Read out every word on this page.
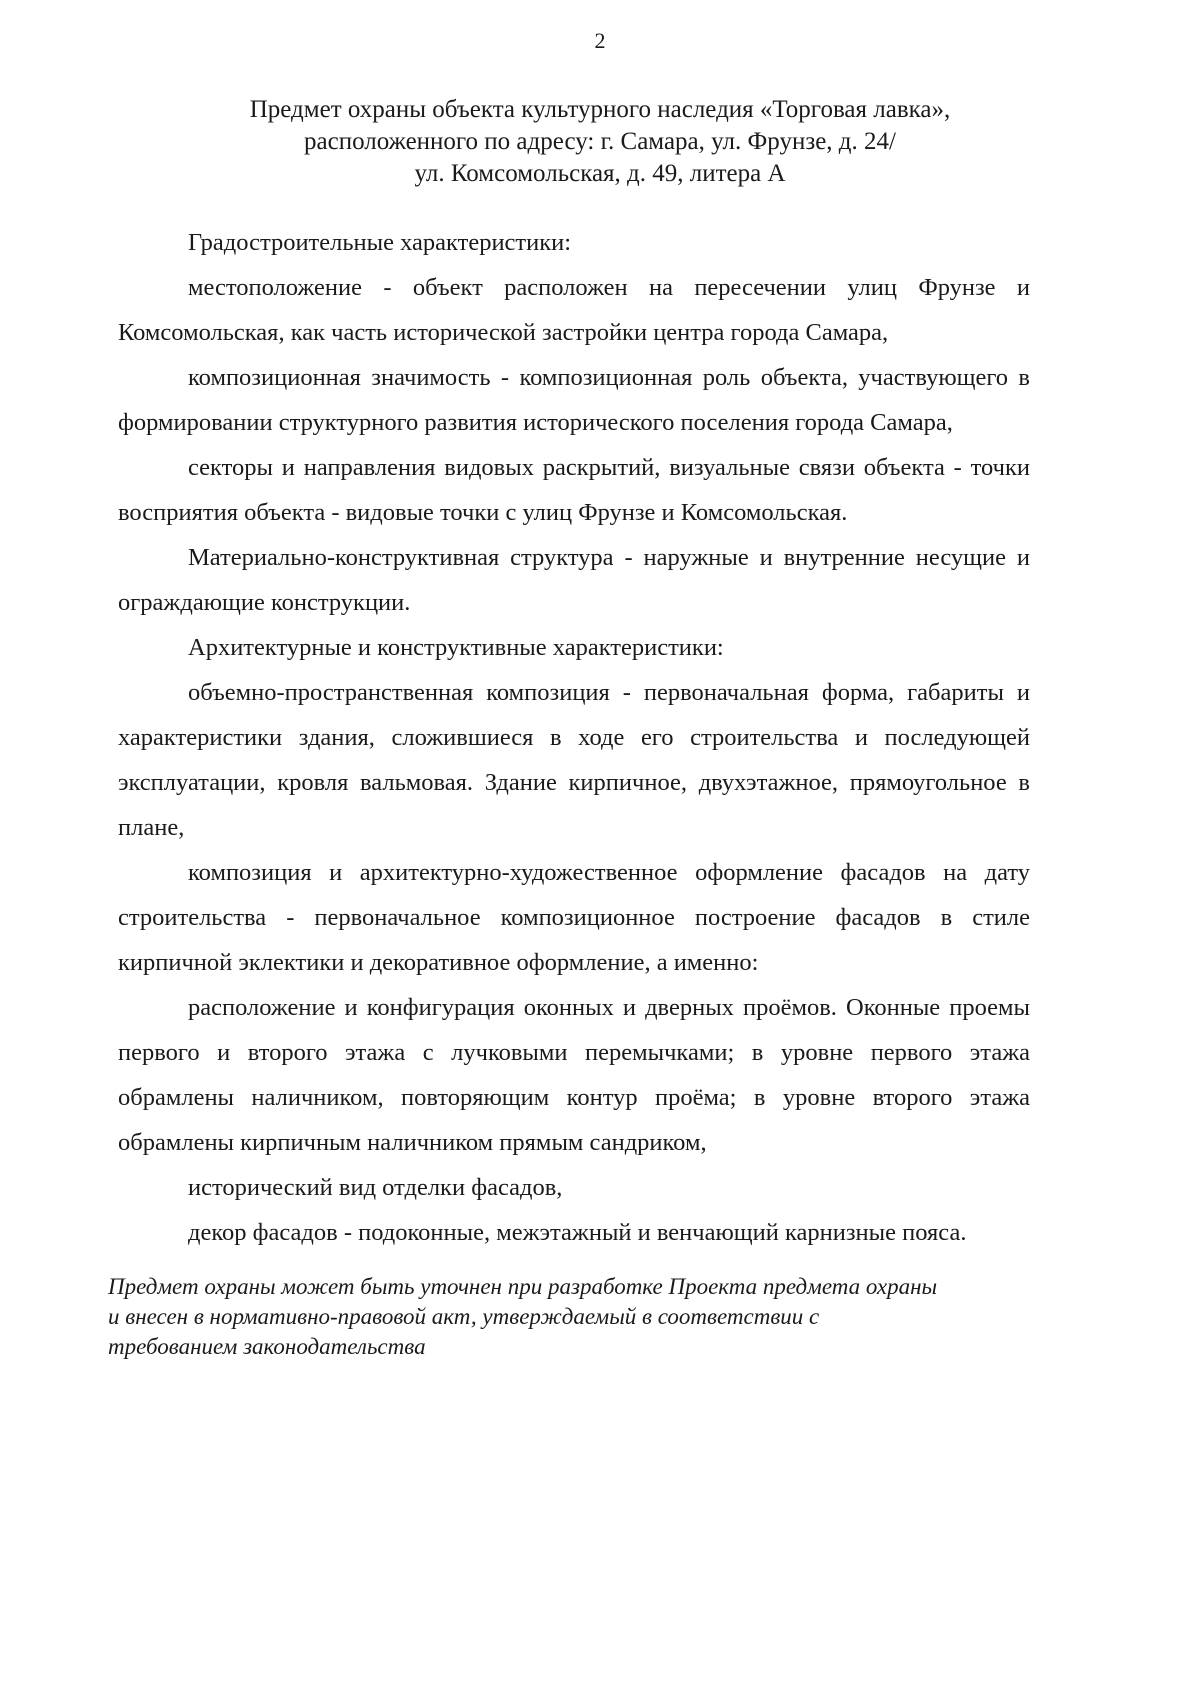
2

Предмет охраны объекта культурного наследия «Торговая лавка»,
расположенного по адресу: г. Самара, ул. Фрунзе, д. 24/
ул. Комсомольская, д. 49, литера А

Градостроительные характеристики:

местоположение - объект расположен на пересечении улиц Фрунзе и Комсомольская, как часть исторической застройки центра города Самара,

композиционная значимость - композиционная роль объекта, участвующего в формировании структурного развития исторического поселения города Самара,

секторы и направления видовых раскрытий, визуальные связи объекта - точки восприятия объекта - видовые точки с улиц Фрунзе и Комсомольская.

Материально-конструктивная структура - наружные и внутренние несущие и ограждающие конструкции.

Архитектурные и конструктивные характеристики:

объемно-пространственная композиция - первоначальная форма, габариты и характеристики здания, сложившиеся в ходе его строительства и последующей эксплуатации, кровля вальмовая. Здание кирпичное, двухэтажное, прямоугольное в плане,

композиция и архитектурно-художественное оформление фасадов на дату строительства - первоначальное композиционное построение фасадов в стиле кирпичной эклектики и декоративное оформление, а именно:

расположение и конфигурация оконных и дверных проёмов. Оконные проемы первого и второго этажа с лучковыми перемычками; в уровне первого этажа обрамлены наличником, повторяющим контур проёма; в уровне второго этажа обрамлены кирпичным наличником прямым сандриком,

исторический вид отделки фасадов,

декор фасадов - подоконные, межэтажный и венчающий карнизные пояса.

Предмет охраны может быть уточнен при разработке Проекта предмета охраны
и внесен в нормативно-правовой акт, утверждаемый в соответствии с
требованием законодательства
